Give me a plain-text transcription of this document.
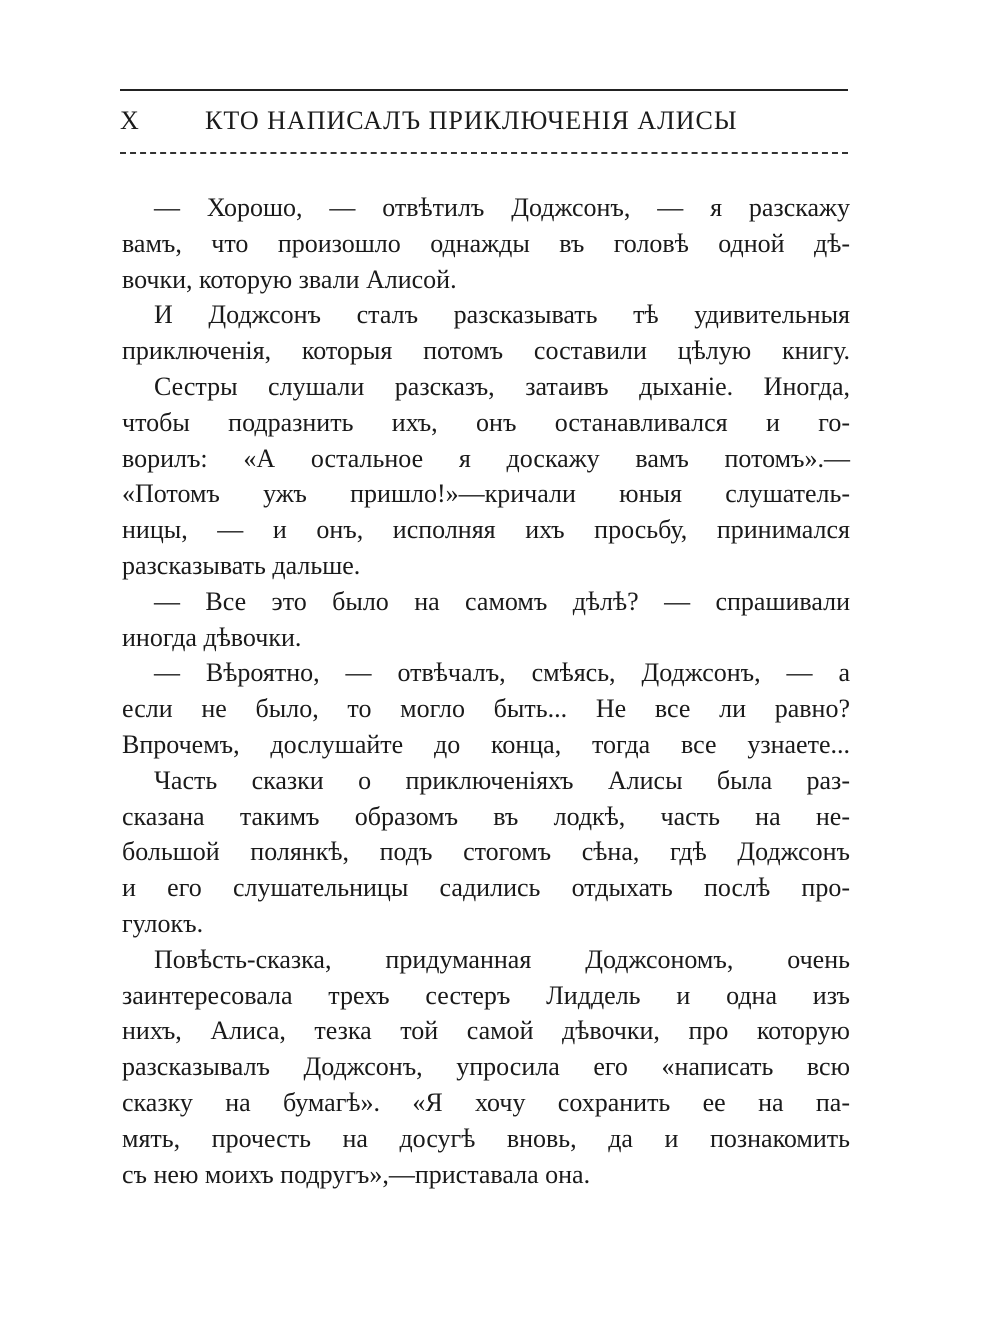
X	КТО НАПИСАЛЪ ПРИКЛЮЧЕНІЯ АЛИСЫ
— Хорошо, — отвѣтилъ Доджсонъ, — я разскажу
вамъ, что произошло однажды въ головѣ одной дѣ-
вочки, которую звали Алисой.
И Доджсонъ сталъ разсказывать тѣ удивительныя
приключенія, которыя потомъ составили цѣлую книгу.
Сестры слушали разсказъ, затаивъ дыханіе. Иногда,
чтобы подразнить ихъ, онъ останавливался и го-
ворилъ: «А остальное я доскажу вамъ потомъ».—
«Потомъ ужъ пришло!»—кричали юныя слушатель-
ницы, — и онъ, исполняя ихъ просьбу, принимался
разсказывать дальше.
— Все это было на самомъ дѣлѣ? — спрашивали
иногда дѣвочки.
— Вѣроятно, — отвѣчалъ, смѣясь, Доджсонъ, — а
если не было, то могло быть... Не все ли равно?
Впрочемъ, дослушайте до конца, тогда все узнаете...
Часть сказки о приключеніяхъ Алисы была раз-
сказана такимъ образомъ въ лодкѣ, часть на не-
большой полянкѣ, подъ стогомъ сѣна, гдѣ Доджсонъ
и его слушательницы садились отдыхать послѣ про-
гулокъ.
Повѣсть-сказка, придуманная Доджсономъ, очень
заинтересовала трехъ сестеръ Лиддель и одна изъ
нихъ, Алиса, тезка той самой дѣвочки, про которую
разсказывалъ Доджсонъ, упросила его «написать всю
сказку на бумагѣ». «Я хочу сохранить ее на па-
мять, прочесть на досугѣ вновь, да и познакомить
съ нею моихъ подругъ»,—приставала она.
